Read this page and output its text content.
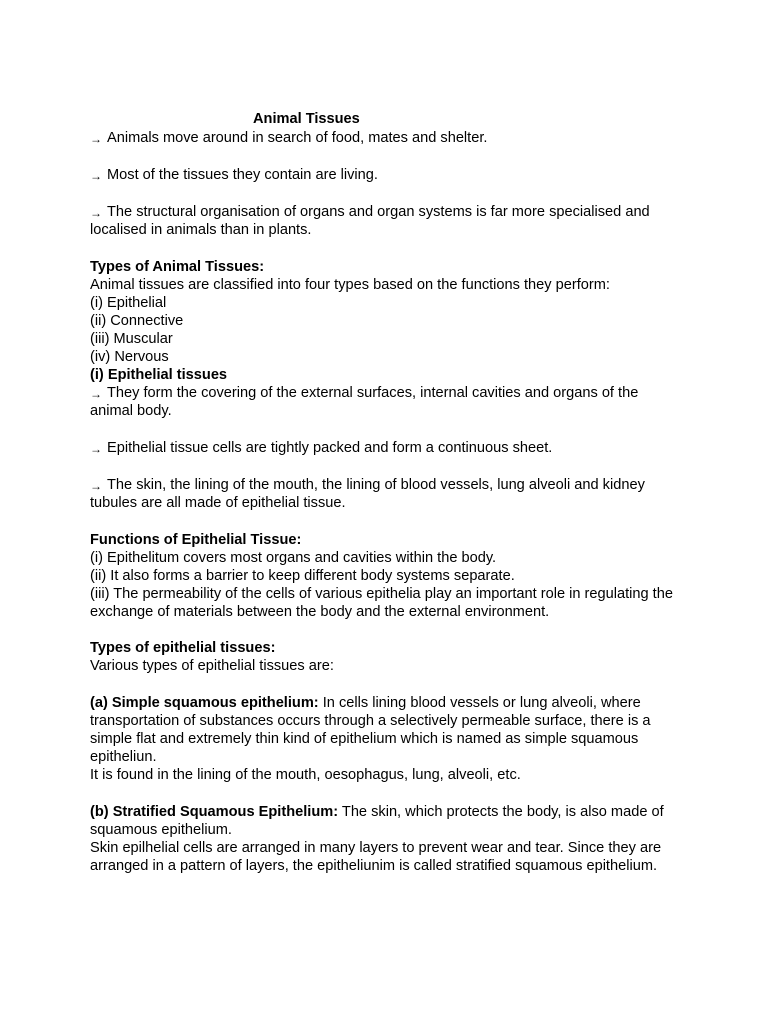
Animal Tissues

→ Animals move around in search of food, mates and shelter.

→ Most of the tissues they contain are living.

→ The structural organisation of organs and organ systems is far more specialised and localised in animals than in plants.

Types of Animal Tissues:

Animal tissues are classified into four types based on the functions they perform:

(i) Epithelial

(ii) Connective

(iii) Muscular

(iv) Nervous

(i) Epithelial tissues

→ They form the covering of the external surfaces, internal cavities and organs of the animal body.

→ Epithelial tissue cells are tightly packed and form a continuous sheet.

→ The skin, the lining of the mouth, the lining of blood vessels, lung alveoli and kidney tubules are all made of epithelial tissue.

Functions of Epithelial Tissue:

(i) Epithelitum covers most organs and cavities within the body.

(ii) It also forms a barrier to keep different body systems separate.

(iii) The permeability of the cells of various epithelia play an important role in regulating the exchange of materials between the body and the external environment.

Types of epithelial tissues:

Various types of epithelial tissues are:

(a) Simple squamous epithelium: In cells lining blood vessels or lung alveoli, where transportation of substances occurs through a selectively permeable surface, there is a simple flat and extremely thin kind of epithelium which is named as simple squamous epitheliun.

It is found in the lining of the mouth, oesophagus, lung, alveoli, etc.

(b) Stratified Squamous Epithelium: The skin, which protects the body, is also made of squamous epithelium.

Skin epilhelial cells are arranged in many layers to prevent wear and tear. Since they are arranged in a pattern of layers, the epitheliunim is called stratified squamous epithelium.
